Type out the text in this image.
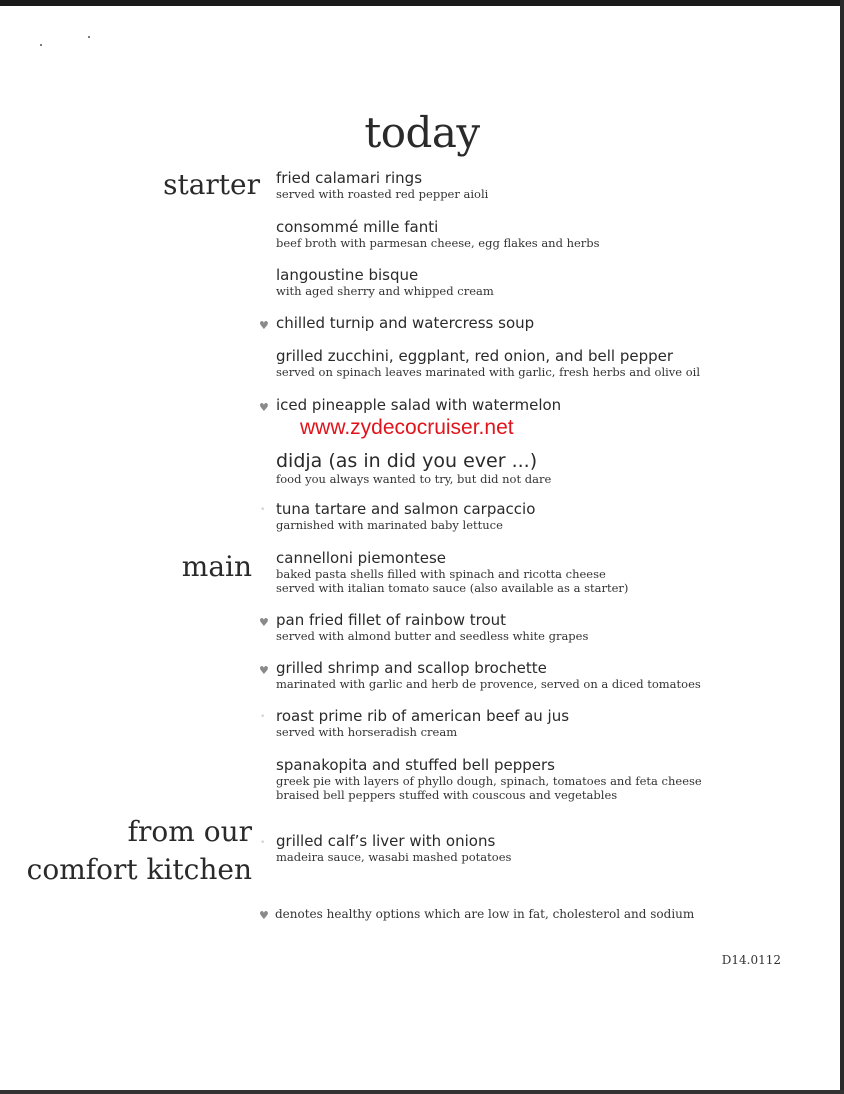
today
starter
main
from our
comfort kitchen
♥
♥
•
♥
♥
•
•
♥
fried calamari rings
served with roasted red pepper aioli
consommé mille fanti
beef broth with parmesan cheese, egg flakes and herbs
langoustine bisque
with aged sherry and whipped cream
chilled turnip and watercress soup
grilled zucchini, eggplant, red onion, and bell pepper
served on spinach leaves marinated with garlic, fresh herbs and olive oil
iced pineapple salad with watermelon
didja (as in did you ever ...)
food you always wanted to try, but did not dare
tuna tartare and salmon carpaccio
garnished with marinated baby lettuce
cannelloni piemontese
baked pasta shells filled with spinach and ricotta cheese
served with italian tomato sauce (also available as a starter)
pan fried fillet of rainbow trout
served with almond butter and seedless white grapes
grilled shrimp and scallop brochette
marinated with garlic and herb de provence, served on a diced tomatoes
roast prime rib of american beef au jus
served with horseradish cream
spanakopita and stuffed bell peppers
greek pie with layers of phyllo dough, spinach, tomatoes and feta cheese
braised bell peppers stuffed with couscous and vegetables
grilled calf’s liver with onions
madeira sauce, wasabi mashed potatoes
www.zydecocruiser.net
denotes healthy options which are low in fat, cholesterol and sodium
D14.0112
